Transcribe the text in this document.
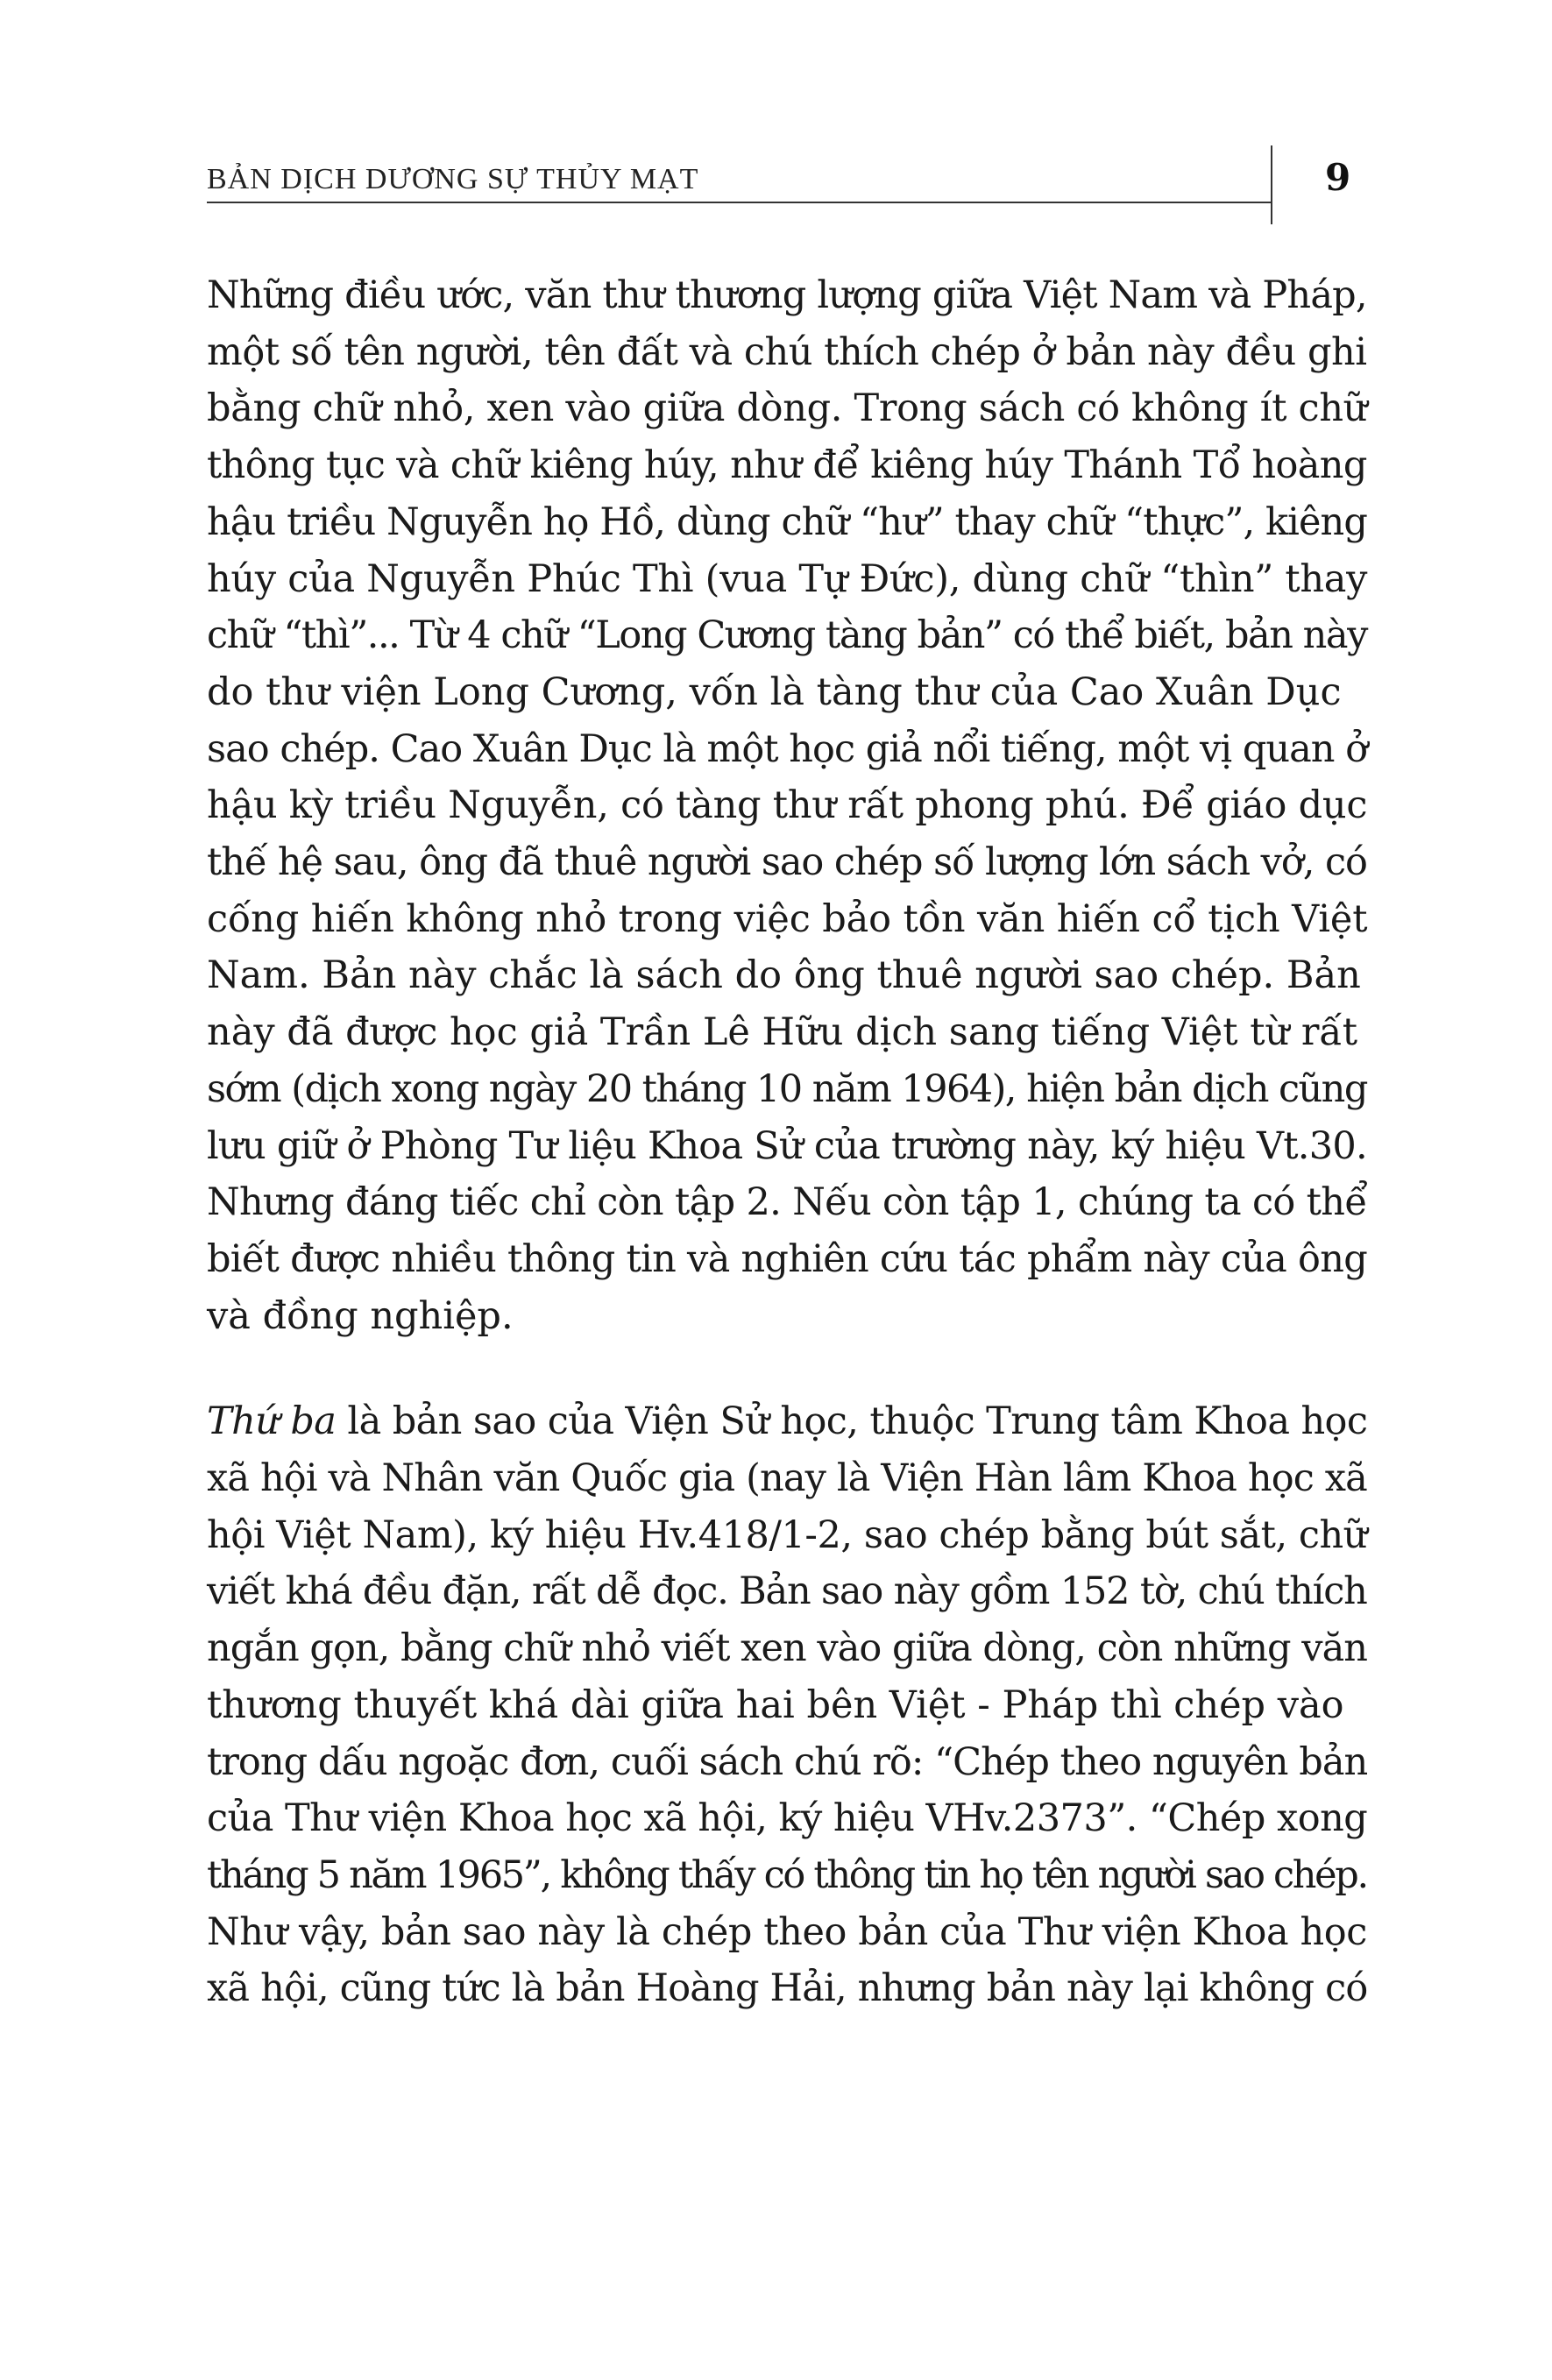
BẢN DỊCH DƯƠNG SỰ THỦY MẠT	9

Những điều ước, văn thư thương lượng giữa Việt Nam và Pháp,
một số tên người, tên đất và chú thích chép ở bản này đều ghi
bằng chữ nhỏ, xen vào giữa dòng. Trong sách có không ít chữ
thông tục và chữ kiêng húy, như để kiêng húy Thánh Tổ hoàng
hậu triều Nguyễn họ Hồ, dùng chữ “hư” thay chữ “thực”, kiêng
húy của Nguyễn Phúc Thì (vua Tự Đức), dùng chữ “thìn” thay
chữ “thì”... Từ 4 chữ “Long Cương tàng bản” có thể biết, bản này
do thư viện Long Cương, vốn là tàng thư của Cao Xuân Dục
sao chép. Cao Xuân Dục là một học giả nổi tiếng, một vị quan ở
hậu kỳ triều Nguyễn, có tàng thư rất phong phú. Để giáo dục
thế hệ sau, ông đã thuê người sao chép số lượng lớn sách vở, có
cống hiến không nhỏ trong việc bảo tồn văn hiến cổ tịch Việt
Nam. Bản này chắc là sách do ông thuê người sao chép. Bản
này đã được học giả Trần Lê Hữu dịch sang tiếng Việt từ rất
sớm (dịch xong ngày 20 tháng 10 năm 1964), hiện bản dịch cũng
lưu giữ ở Phòng Tư liệu Khoa Sử của trường này, ký hiệu Vt.30.
Nhưng đáng tiếc chỉ còn tập 2. Nếu còn tập 1, chúng ta có thể
biết được nhiều thông tin và nghiên cứu tác phẩm này của ông
và đồng nghiệp.

Thứ ba là bản sao của Viện Sử học, thuộc Trung tâm Khoa học
xã hội và Nhân văn Quốc gia (nay là Viện Hàn lâm Khoa học xã
hội Việt Nam), ký hiệu Hv.418/1-2, sao chép bằng bút sắt, chữ
viết khá đều đặn, rất dễ đọc. Bản sao này gồm 152 tờ, chú thích
ngắn gọn, bằng chữ nhỏ viết xen vào giữa dòng, còn những văn
thương thuyết khá dài giữa hai bên Việt - Pháp thì chép vào
trong dấu ngoặc đơn, cuối sách chú rõ: “Chép theo nguyên bản
của Thư viện Khoa học xã hội, ký hiệu VHv.2373”. “Chép xong
tháng 5 năm 1965”, không thấy có thông tin họ tên người sao chép.
Như vậy, bản sao này là chép theo bản của Thư viện Khoa học
xã hội, cũng tức là bản Hoàng Hải, nhưng bản này lại không có
